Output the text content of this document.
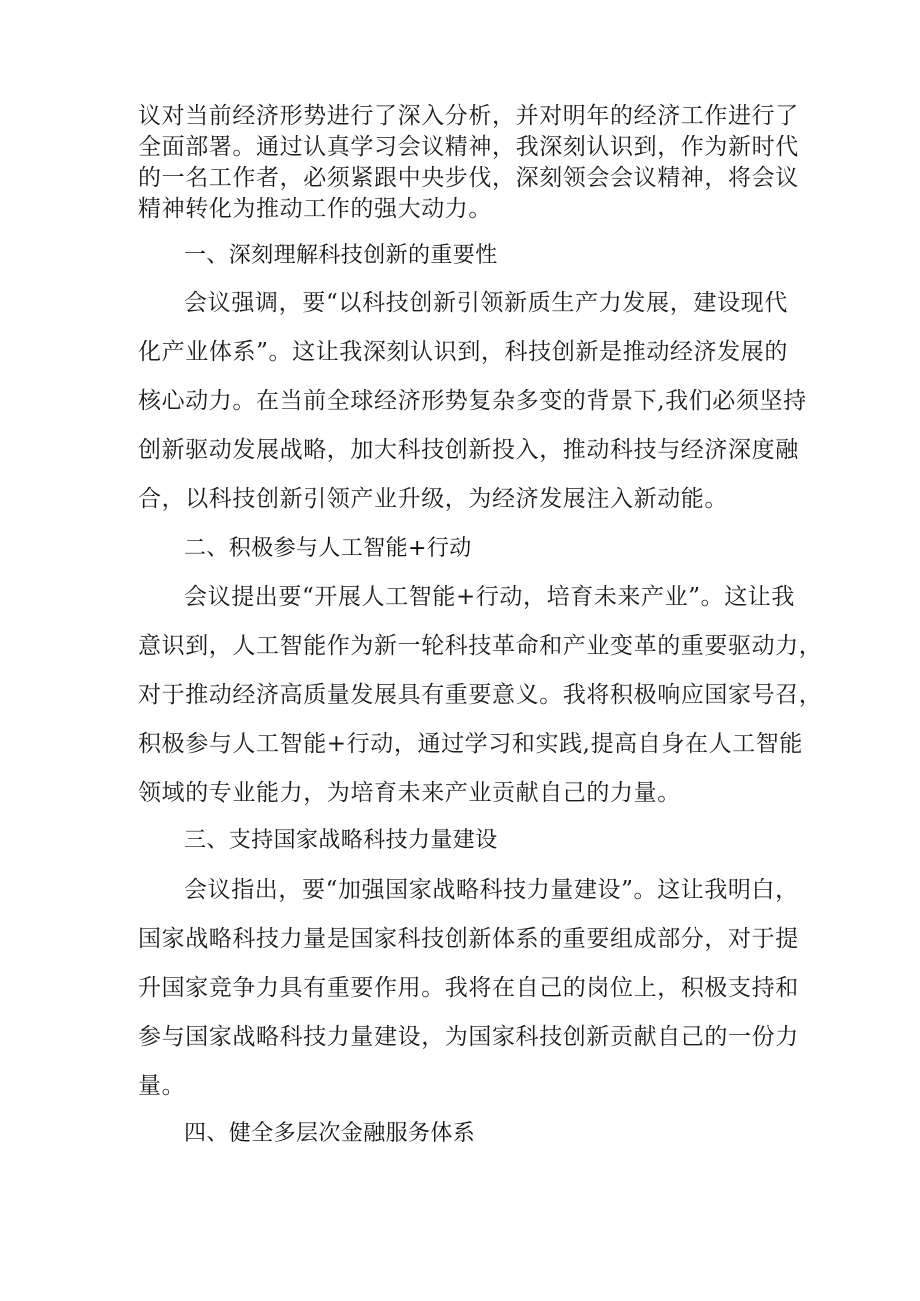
议对当前经济形势进行了深入分析，并对明年的经济工作进行了
全面部署。通过认真学习会议精神，我深刻认识到，作为新时代
的一名工作者，必须紧跟中央步伐，深刻领会会议精神，将会议
精神转化为推动工作的强大动力。
一、深刻理解科技创新的重要性
会议强调，要“以科技创新引领新质生产力发展，建设现代
化产业体系”。这让我深刻认识到，科技创新是推动经济发展的
核心动力。在当前全球经济形势复杂多变的背景下,我们必须坚持
创新驱动发展战略，加大科技创新投入，推动科技与经济深度融
合，以科技创新引领产业升级，为经济发展注入新动能。
二、积极参与人工智能+行动
会议提出要“开展人工智能+行动，培育未来产业”。这让我
意识到，人工智能作为新一轮科技革命和产业变革的重要驱动力，
对于推动经济高质量发展具有重要意义。我将积极响应国家号召，
积极参与人工智能+行动，通过学习和实践,提高自身在人工智能
领域的专业能力，为培育未来产业贡献自己的力量。
三、支持国家战略科技力量建设
会议指出，要“加强国家战略科技力量建设”。这让我明白，
国家战略科技力量是国家科技创新体系的重要组成部分，对于提
升国家竞争力具有重要作用。我将在自己的岗位上，积极支持和
参与国家战略科技力量建设，为国家科技创新贡献自己的一份力
量。
四、健全多层次金融服务体系
